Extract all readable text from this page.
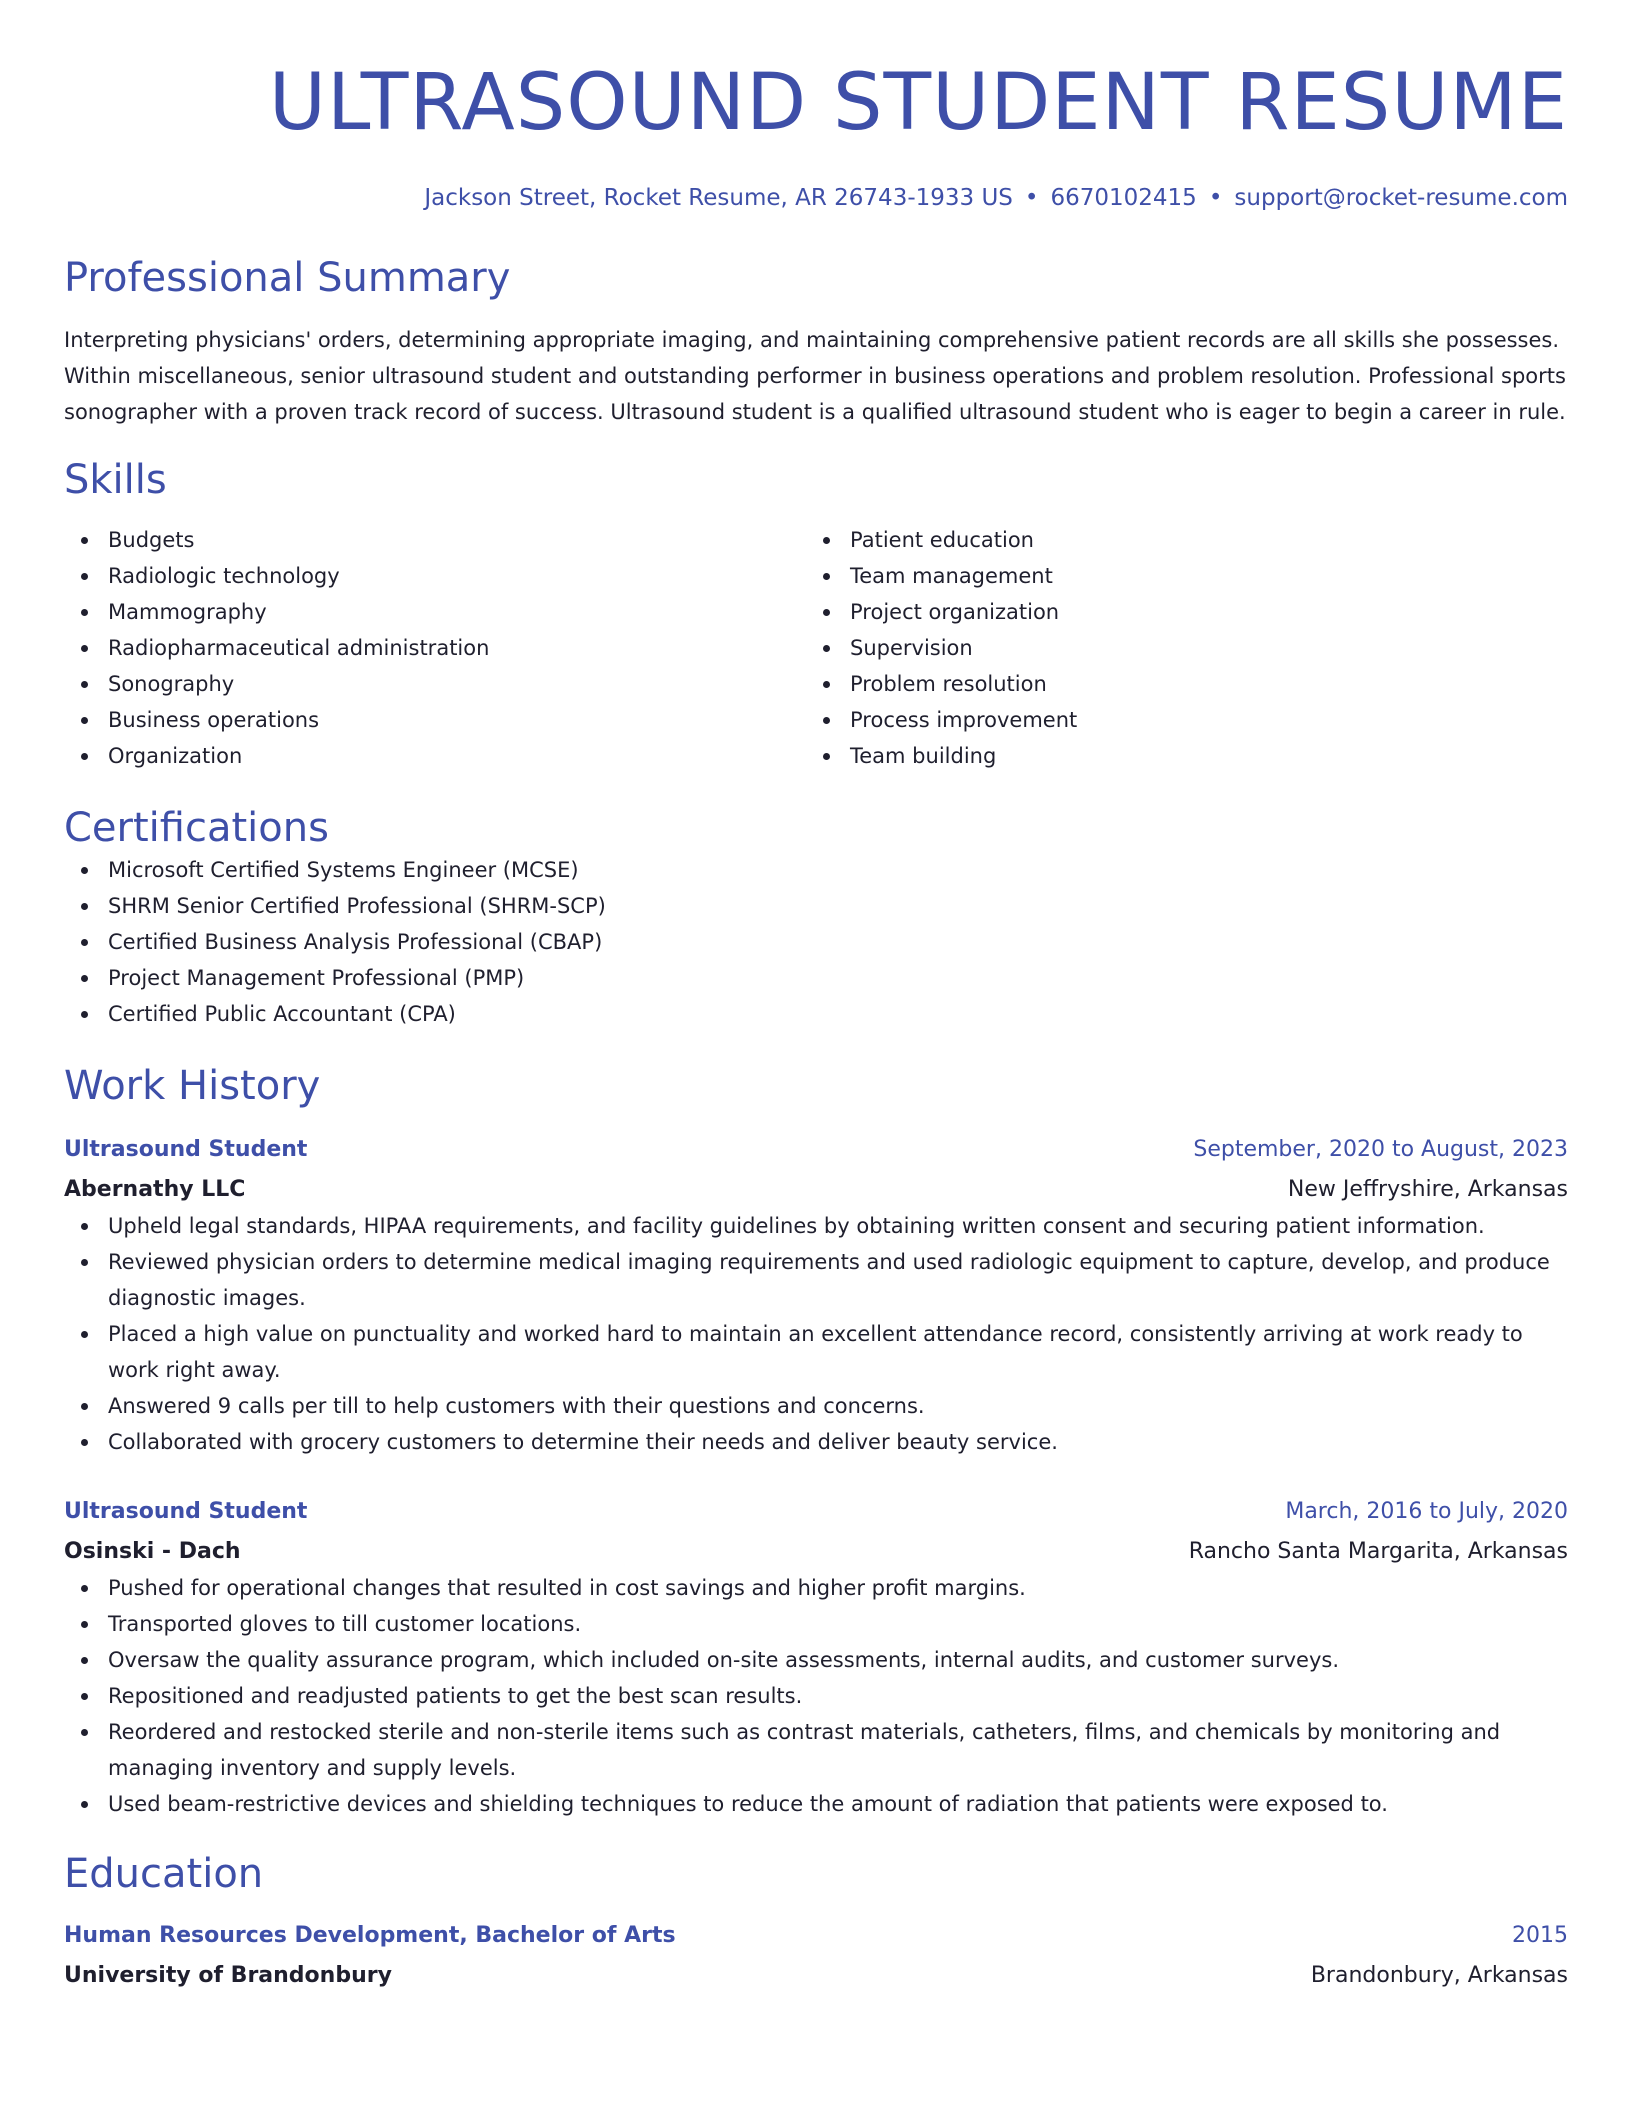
ULTRASOUND STUDENT RESUME
Jackson Street, Rocket Resume, AR 26743-1933 US • 6670102415 • support@rocket-resume.com
Professional Summary

Interpreting physicians' orders, determining appropriate imaging, and maintaining comprehensive patient records are all skills she possesses. Within miscellaneous, senior ultrasound student and outstanding performer in business operations and problem resolution. Professional sports sonographer with a proven track record of success. Ultrasound student is a qualified ultrasound student who is eager to begin a career in rule.

Skills
Budgets
Radiologic technology
Mammography
Radiopharmaceutical administration
Sonography
Business operations
Organization
Patient education
Team management
Project organization
Supervision
Problem resolution
Process improvement
Team building
Certifications
Microsoft Certified Systems Engineer (MCSE)
SHRM Senior Certified Professional (SHRM-SCP)
Certified Business Analysis Professional (CBAP)
Project Management Professional (PMP)
Certified Public Accountant (CPA)
Work History
Ultrasound Student	September, 2020 to August, 2023
Abernathy LLC	New Jeffryshire, Arkansas
Upheld legal standards, HIPAA requirements, and facility guidelines by obtaining written consent and securing patient information.
Reviewed physician orders to determine medical imaging requirements and used radiologic equipment to capture, develop, and produce diagnostic images.
Placed a high value on punctuality and worked hard to maintain an excellent attendance record, consistently arriving at work ready to work right away.
Answered 9 calls per till to help customers with their questions and concerns.
Collaborated with grocery customers to determine their needs and deliver beauty service.
Ultrasound Student	March, 2016 to July, 2020
Osinski - Dach	Rancho Santa Margarita, Arkansas
Pushed for operational changes that resulted in cost savings and higher profit margins.
Transported gloves to till customer locations.
Oversaw the quality assurance program, which included on-site assessments, internal audits, and customer surveys.
Repositioned and readjusted patients to get the best scan results.
Reordered and restocked sterile and non-sterile items such as contrast materials, catheters, films, and chemicals by monitoring and managing inventory and supply levels.
Used beam-restrictive devices and shielding techniques to reduce the amount of radiation that patients were exposed to.
Education
Human Resources Development, Bachelor of Arts	2015
University of Brandonbury	Brandonbury, Arkansas
